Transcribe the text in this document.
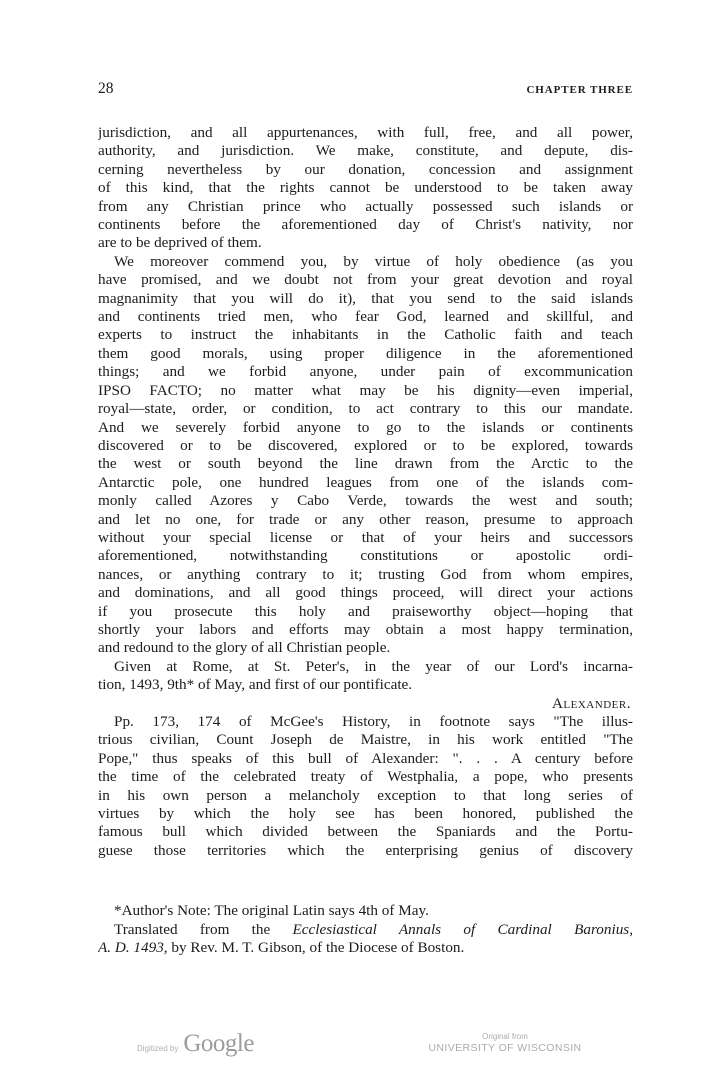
28	CHAPTER THREE
jurisdiction, and all appurtenances, with full, free, and all power,
authority, and jurisdiction. We make, constitute, and depute, dis-
cerning nevertheless by our donation, concession and assignment
of this kind, that the rights cannot be understood to be taken away
from any Christian prince who actually possessed such islands or
continents before the aforementioned day of Christ's nativity, nor
are to be deprived of them.
We moreover commend you, by virtue of holy obedience (as you
have promised, and we doubt not from your great devotion and royal
magnanimity that you will do it), that you send to the said islands
and continents tried men, who fear God, learned and skillful, and
experts to instruct the inhabitants in the Catholic faith and teach
them good morals, using proper diligence in the aforementioned
things; and we forbid anyone, under pain of excommunication
IPSO FACTO; no matter what may be his dignity—even imperial,
royal—state, order, or condition, to act contrary to this our mandate.
And we severely forbid anyone to go to the islands or continents
discovered or to be discovered, explored or to be explored, towards
the west or south beyond the line drawn from the Arctic to the
Antarctic pole, one hundred leagues from one of the islands com-
monly called Azores y Cabo Verde, towards the west and south;
and let no one, for trade or any other reason, presume to approach
without your special license or that of your heirs and successors
aforementioned, notwithstanding constitutions or apostolic ordi-
nances, or anything contrary to it; trusting God from whom empires,
and dominations, and all good things proceed, will direct your actions
if you prosecute this holy and praiseworthy object—hoping that
shortly your labors and efforts may obtain a most happy termination,
and redound to the glory of all Christian people.
Given at Rome, at St. Peter's, in the year of our Lord's incarna-
tion, 1493, 9th* of May, and first of our pontificate.
Alexander.
Pp. 173, 174 of McGee's History, in footnote says "The illus-
trious civilian, Count Joseph de Maistre, in his work entitled "The
Pope," thus speaks of this bull of Alexander: ". . . A century before
the time of the celebrated treaty of Westphalia, a pope, who presents
in his own person a melancholy exception to that long series of
virtues by which the holy see has been honored, published the
famous bull which divided between the Spaniards and the Portu-
guese those territories which the enterprising genius of discovery
*Author's Note: The original Latin says 4th of May.
Translated from the Ecclesiastical Annals of Cardinal Baronius,
A. D. 1493, by Rev. M. T. Gibson, of the Diocese of Boston.
Digitized by Google	Original from
UNIVERSITY OF WISCONSIN
